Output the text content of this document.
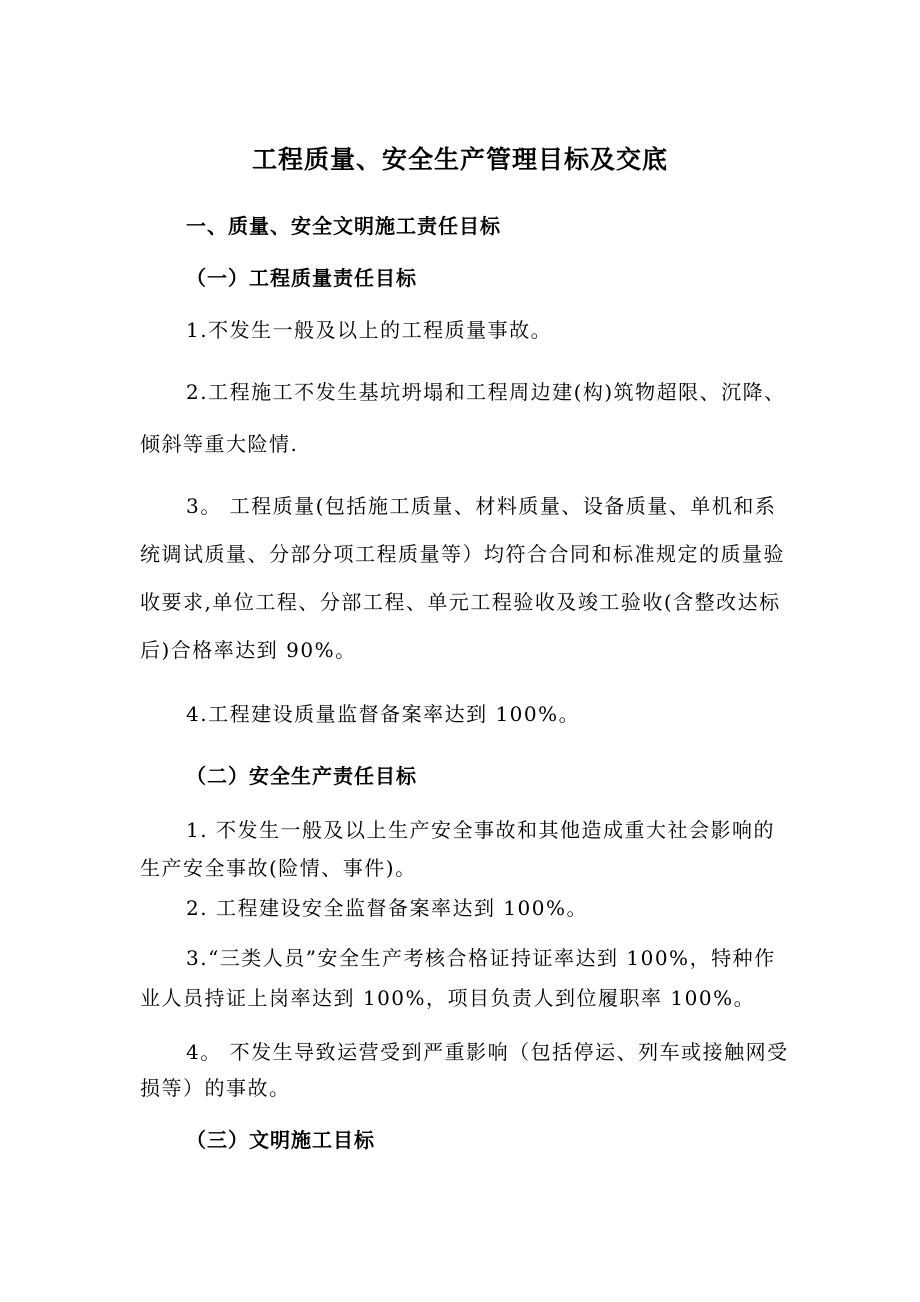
工程质量、安全生产管理目标及交底
一、质量、安全文明施工责任目标
（一）工程质量责任目标
1.不发生一般及以上的工程质量事故。
2.工程施工不发生基坑坍塌和工程周边建(构)筑物超限、沉降、
倾斜等重大险情.
3。 工程质量(包括施工质量、材料质量、设备质量、单机和系
统调试质量、分部分项工程质量等）均符合合同和标准规定的质量验
收要求,单位工程、分部工程、单元工程验收及竣工验收(含整改达标
后)合格率达到 90%。
4.工程建设质量监督备案率达到 100%。
（二）安全生产责任目标
1. 不发生一般及以上生产安全事故和其他造成重大社会影响的
生产安全事故(险情、事件)。
2. 工程建设安全监督备案率达到 100%。
3.“三类人员”安全生产考核合格证持证率达到 100%，特种作
业人员持证上岗率达到 100%，项目负责人到位履职率 100%。
4。 不发生导致运营受到严重影响（包括停运、列车或接触网受
损等）的事故。
（三）文明施工目标
